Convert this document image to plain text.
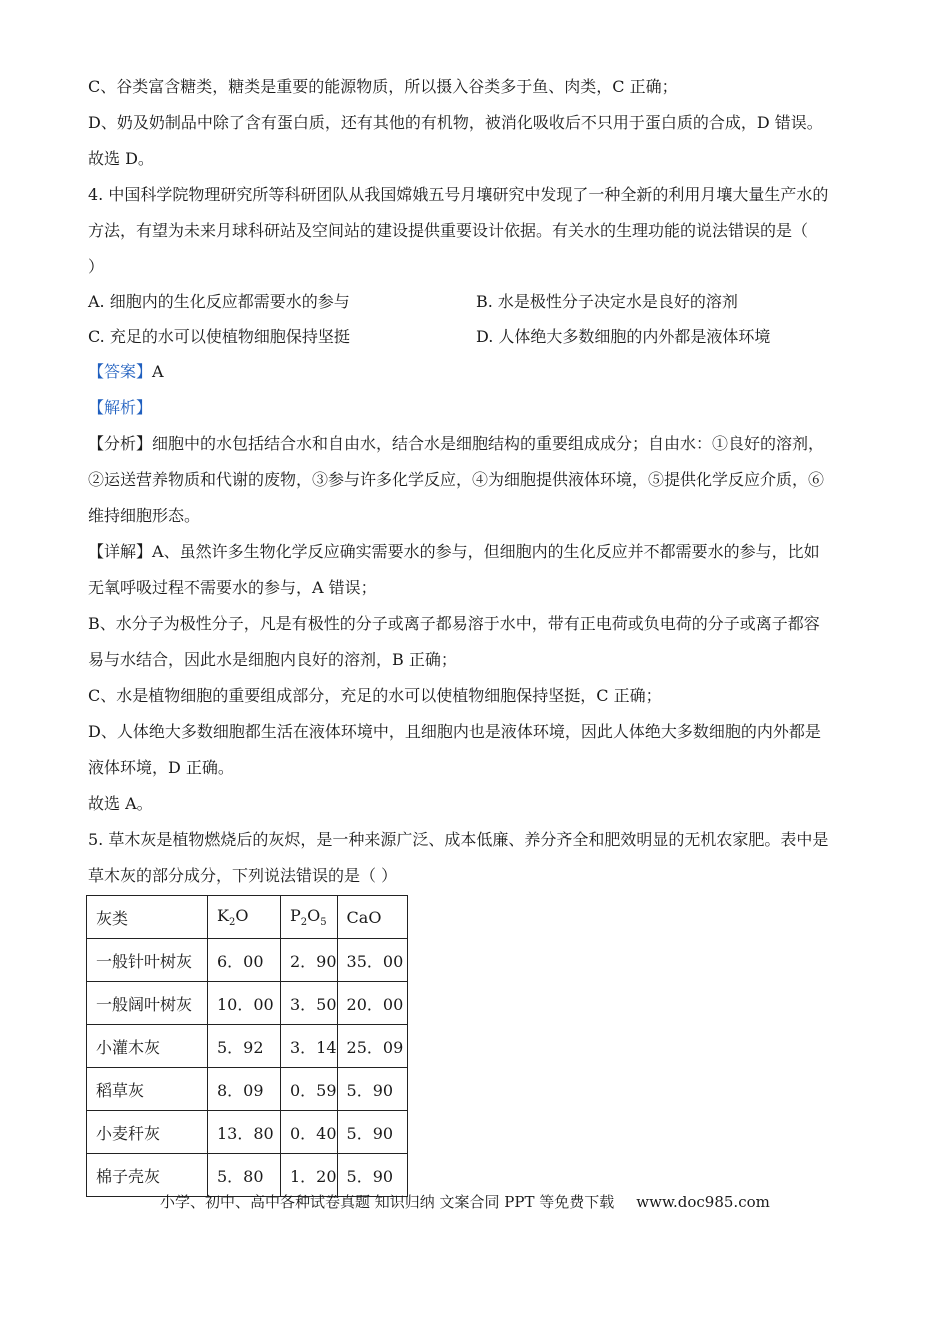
C、谷类富含糖类，糖类是重要的能源物质，所以摄入谷类多于鱼、肉类，C 正确；
D、奶及奶制品中除了含有蛋白质，还有其他的有机物，被消化吸收后不只用于蛋白质的合成，D 错误。
故选 D。
4. 中国科学院物理研究所等科研团队从我国嫦娥五号月壤研究中发现了一种全新的利用月壤大量生产水的
方法，有望为未来月球科研站及空间站的建设提供重要设计依据。有关水的生理功能的说法错误的是（
）
A. 细胞内的生化反应都需要水的参与	B. 水是极性分子决定水是良好的溶剂
C. 充足的水可以使植物细胞保持坚挺	D. 人体绝大多数细胞的内外都是液体环境
【答案】A
【解析】
【分析】细胞中的水包括结合水和自由水，结合水是细胞结构的重要组成成分；自由水：①良好的溶剂，
②运送营养物质和代谢的废物，③参与许多化学反应，④为细胞提供液体环境，⑤提供化学反应介质，⑥
维持细胞形态。
【详解】A、虽然许多生物化学反应确实需要水的参与，但细胞内的生化反应并不都需要水的参与，比如
无氧呼吸过程不需要水的参与，A 错误；
B、水分子为极性分子，凡是有极性的分子或离子都易溶于水中，带有正电荷或负电荷的分子或离子都容
易与水结合，因此水是细胞内良好的溶剂，B 正确；
C、水是植物细胞的重要组成部分，充足的水可以使植物细胞保持坚挺，C 正确；
D、人体绝大多数细胞都生活在液体环境中，且细胞内也是液体环境，因此人体绝大多数细胞的内外都是
液体环境，D 正确。
故选 A。
5. 草木灰是植物燃烧后的灰烬，是一种来源广泛、成本低廉、养分齐全和肥效明显的无机农家肥。表中是
草木灰的部分成分，下列说法错误的是（ ）
灰类	$K_2O$	$P_2O_5$	CaO
一般针叶树灰	6．00	2．90	35．00
一般阔叶树灰	10．00	3．50	20．00
小灌木灰	5．92	3．14	25．09
稻草灰	8．09	0．59	5．90
小麦秆灰	13．80	0．40	5．90
棉子壳灰	5．80	1．20	5．90
小学、初中、高中各种试卷真题 知识归纳 文案合同 PPT 等免费下载 www.doc985.com
